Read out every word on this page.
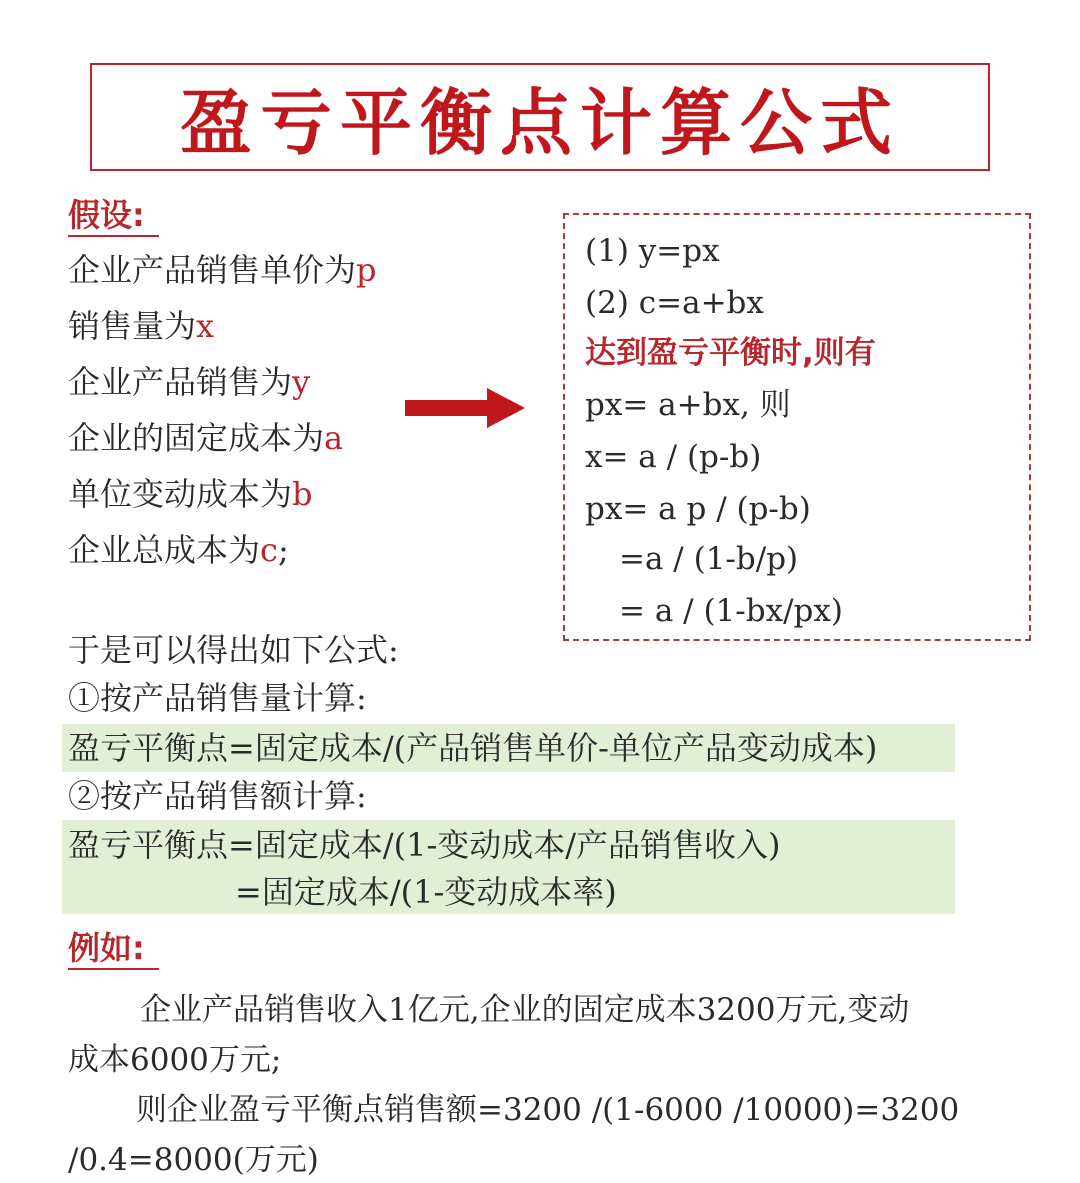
盈亏平衡点计算公式
假设:
企业产品销售单价为p
销售量为x
企业产品销售为y
企业的固定成本为a
单位变动成本为b
企业总成本为c;
(1) y=px
(2) c=a+bx
达到盈亏平衡时,则有
px= a+bx, 则
x= a / (p-b)
px= a p / (p-b)
=a / (1-b/p)
= a / (1-bx/px)
于是可以得出如下公式:
①按产品销售量计算:
盈亏平衡点=固定成本/(产品销售单价-单位产品变动成本)
②按产品销售额计算:
盈亏平衡点=固定成本/(1-变动成本/产品销售收入)
=固定成本/(1-变动成本率)
例如:
企业产品销售收入1亿元,企业的固定成本3200万元,变动
成本6000万元;
则企业盈亏平衡点销售额=3200 /(1-6000 /10000)=3200
/0.4=8000(万元)
